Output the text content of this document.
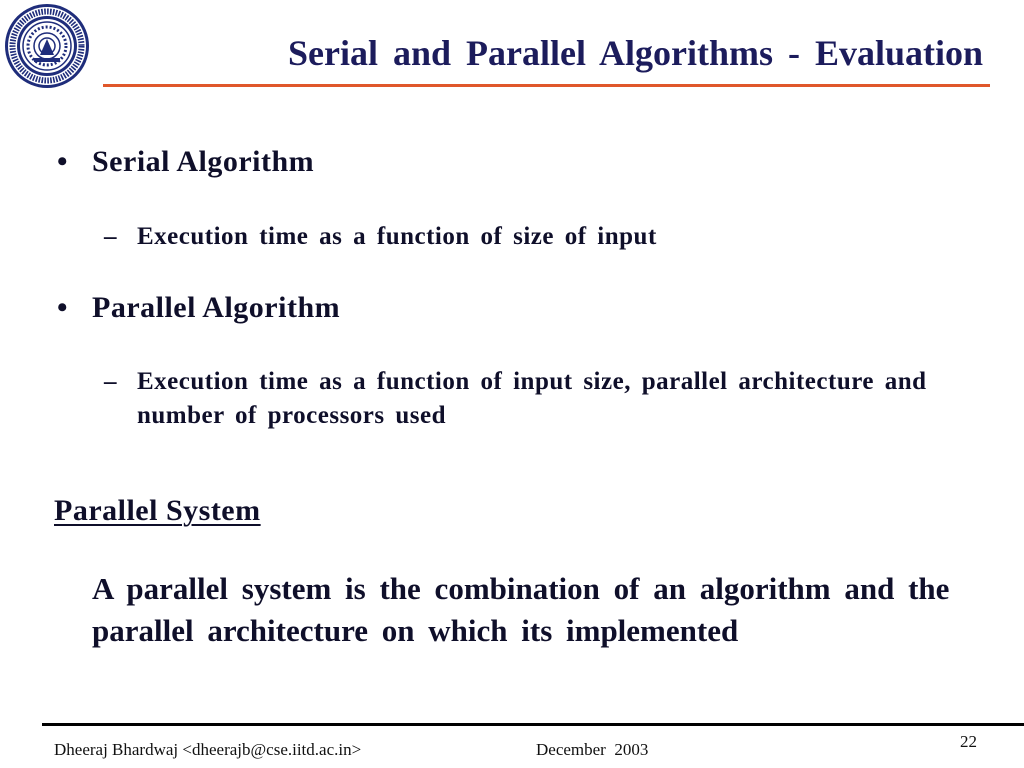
Serial and Parallel Algorithms - Evaluation
• Serial Algorithm
– Execution time as a function of size of input
• Parallel Algorithm
– Execution time as a function of input size, parallel architecture and
number of processors used
Parallel System
A parallel system is the combination of an algorithm and the
parallel architecture on which its implemented
Dheeraj Bhardwaj <dheerajb@cse.iitd.ac.in>	December  2003	22
